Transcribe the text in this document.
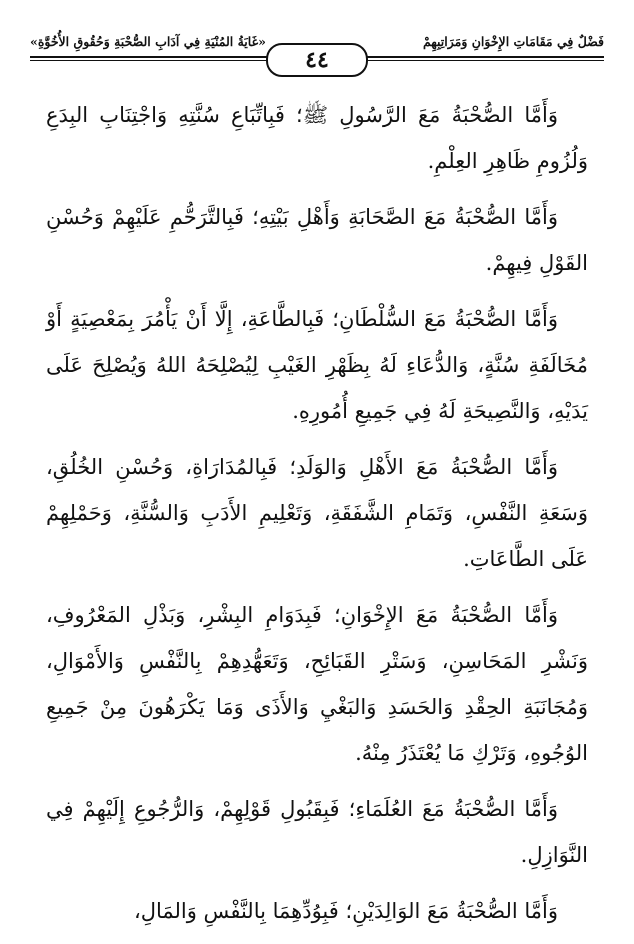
فَضْلٌ فِي مَقَامَاتِ الإِخْوَانِ وَمَرَاتِبِهِمْ
«غَايَةُ المُنْيَةِ فِي آدَابِ الصُّحْبَةِ وَحُقُوقِ الأُخُوَّةِ»
٤٤

وَأَمَّا الصُّحْبَةُ مَعَ الرَّسُولِ ﷺ؛ فَبِاتِّبَاعِ سُنَّتِهِ وَاجْتِنَابِ البِدَعِ وَلُزُومِ ظَاهِرِ العِلْمِ.

وَأَمَّا الصُّحْبَةُ مَعَ الصَّحَابَةِ وَأَهْلِ بَيْتِهِ؛ فَبِالتَّرَحُّمِ عَلَيْهِمْ وَحُسْنِ القَوْلِ فِيهِمْ.

وَأَمَّا الصُّحْبَةُ مَعَ السُّلْطَانِ؛ فَبِالطَّاعَةِ، إِلَّا أَنْ يَأْمُرَ بِمَعْصِيَةٍ أَوْ مُخَالَفَةِ سُنَّةٍ، وَالدُّعَاءِ لَهُ بِظَهْرِ الغَيْبِ لِيُصْلِحَهُ اللهُ وَيُصْلِحَ عَلَى يَدَيْهِ، وَالنَّصِيحَةِ لَهُ فِي جَمِيعِ أُمُورِهِ.

وَأَمَّا الصُّحْبَةُ مَعَ الأَهْلِ وَالوَلَدِ؛ فَبِالمُدَارَاةِ، وَحُسْنِ الخُلُقِ، وَسَعَةِ النَّفْسِ، وَتَمَامِ الشَّفَقَةِ، وَتَعْلِيمِ الأَدَبِ وَالسُّنَّةِ، وَحَمْلِهِمْ عَلَى الطَّاعَاتِ.

وَأَمَّا الصُّحْبَةُ مَعَ الإِخْوَانِ؛ فَبِدَوَامِ البِشْرِ، وَبَذْلِ المَعْرُوفِ، وَنَشْرِ المَحَاسِنِ، وَسَتْرِ القَبَائِحِ، وَتَعَهُّدِهِمْ بِالنَّفْسِ وَالأَمْوَالِ، وَمُجَانَبَةِ الحِقْدِ وَالحَسَدِ وَالبَغْيِ وَالأَذَى وَمَا يَكْرَهُونَ مِنْ جَمِيعِ الوُجُوهِ، وَتَرْكِ مَا يُعْتَذَرُ مِنْهُ.

وَأَمَّا الصُّحْبَةُ مَعَ العُلَمَاءِ؛ فَبِقَبُولِ قَوْلِهِمْ، وَالرُّجُوعِ إِلَيْهِمْ فِي النَّوَازِلِ.

وَأَمَّا الصُّحْبَةُ مَعَ الوَالِدَيْنِ؛ فَبِوُدِّهِمَا بِالنَّفْسِ وَالمَالِ،
